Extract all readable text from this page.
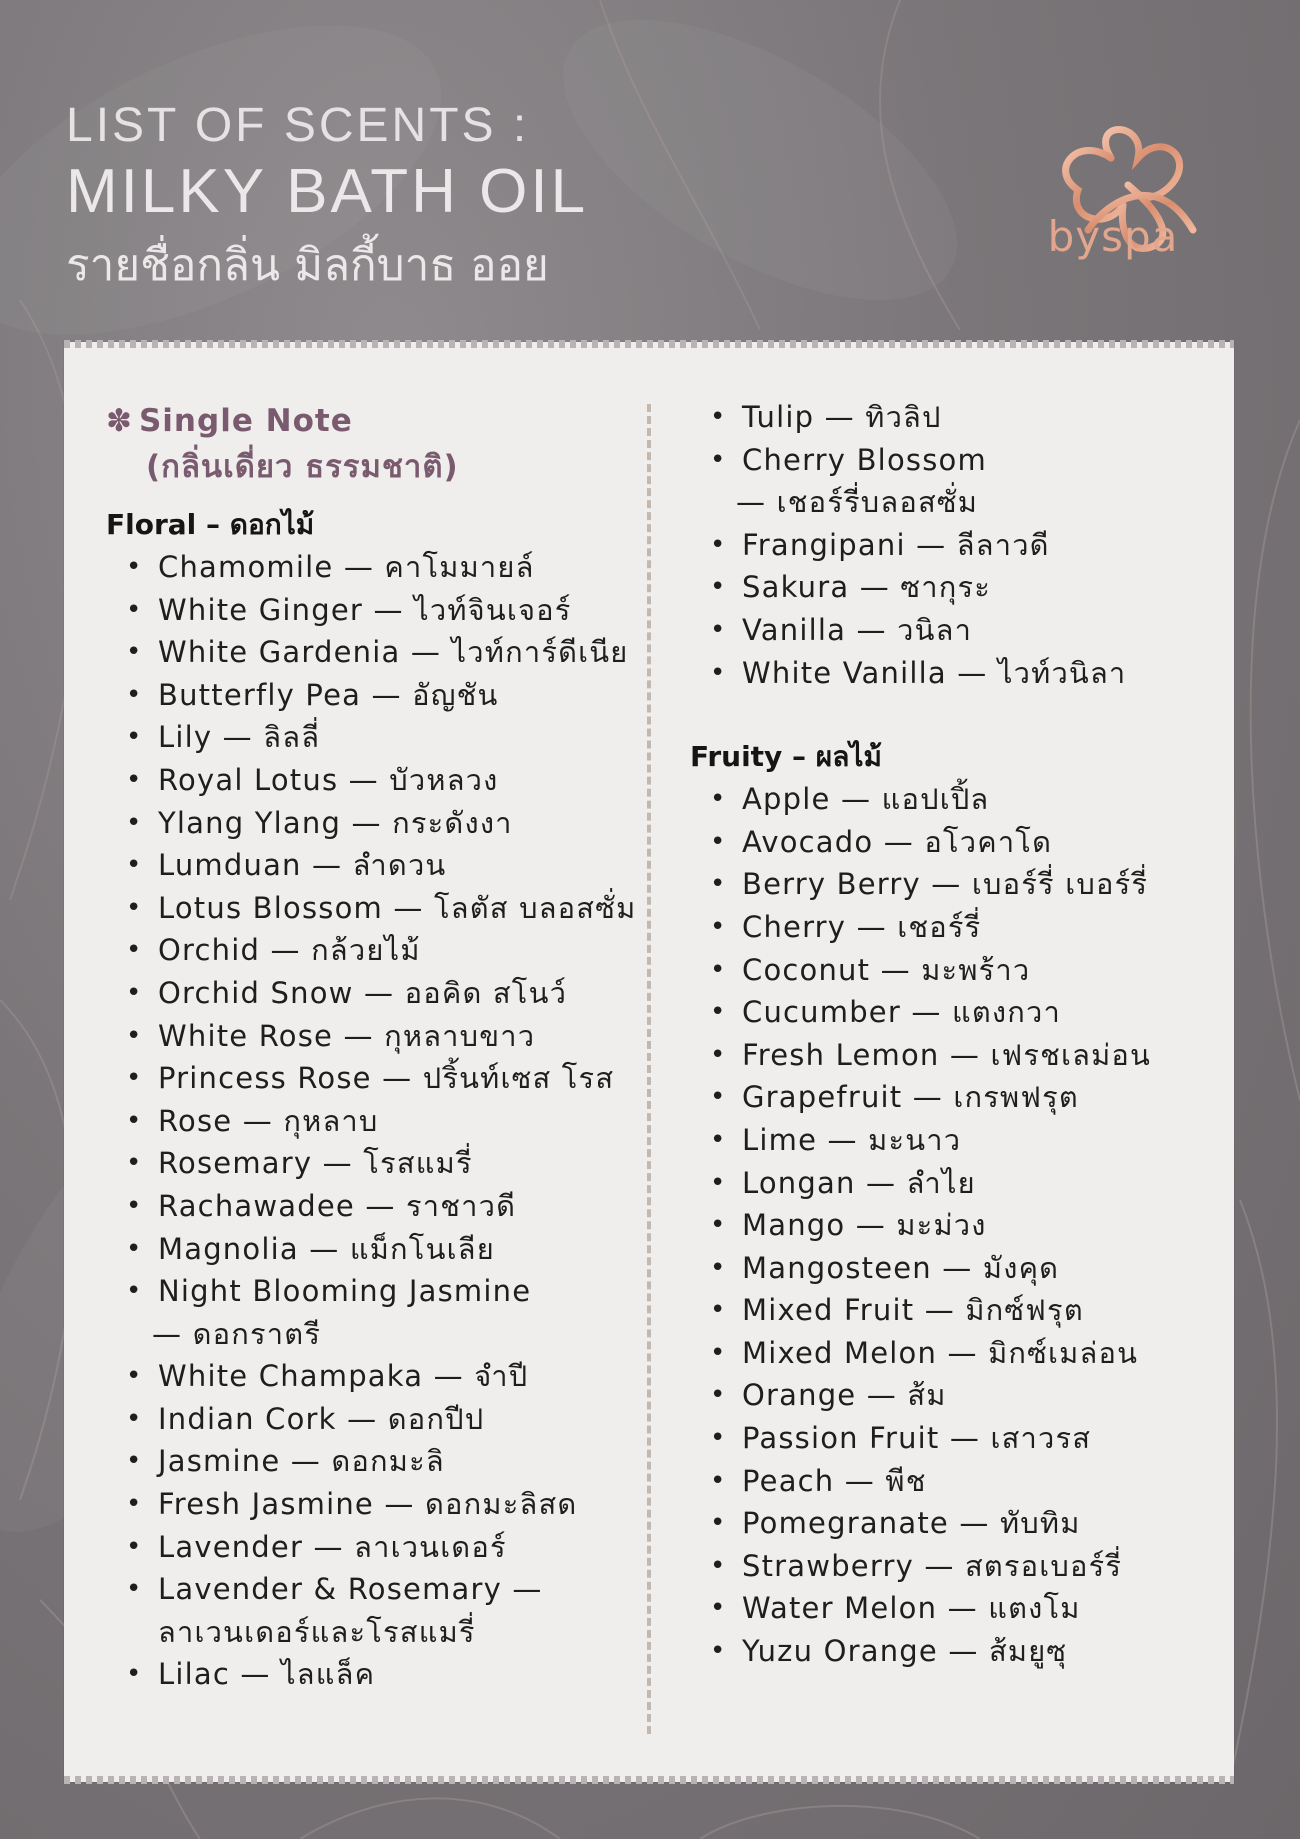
LIST OF SCENTS :
MILKY BATH OIL
รายชื่อกลิ่น มิลกี้บาธ ออย
byspa
✽ Single Note
(กลิ่นเดี่ยว ธรรมชาติ)
Floral – ดอกไม้
• Chamomile — คาโมมายล์
• White Ginger — ไวท์จินเจอร์
• White Gardenia — ไวท์การ์ดีเนีย
• Butterfly Pea — อัญชัน
• Lily — ลิลลี่
• Royal Lotus — บัวหลวง
• Ylang Ylang — กระดังงา
• Lumduan — ลำดวน
• Lotus Blossom — โลตัส บลอสซั่ม
• Orchid — กล้วยไม้
• Orchid Snow — ออคิด สโนว์
• White Rose — กุหลาบขาว
• Princess Rose — ปริ้นท์เซส โรส
• Rose — กุหลาบ
• Rosemary — โรสแมรี่
• Rachawadee — ราชาวดี
• Magnolia — แม็กโนเลีย
• Night Blooming Jasmine
— ดอกราตรี
• White Champaka — จำปี
• Indian Cork — ดอกปีป
• Jasmine — ดอกมะลิ
• Fresh Jasmine — ดอกมะลิสด
• Lavender — ลาเวนเดอร์
• Lavender & Rosemary —
ลาเวนเดอร์และโรสแมรี่
• Lilac — ไลแล็ค
• Tulip — ทิวลิป
• Cherry Blossom
— เชอร์รี่บลอสซั่ม
• Frangipani — ลีลาวดี
• Sakura — ซากุระ
• Vanilla — วนิลา
• White Vanilla — ไวท์วนิลา
Fruity – ผลไม้
• Apple — แอปเปิ้ล
• Avocado — อโวคาโด
• Berry Berry — เบอร์รี่ เบอร์รี่
• Cherry — เชอร์รี่
• Coconut — มะพร้าว
• Cucumber — แตงกวา
• Fresh Lemon — เฟรชเลม่อน
• Grapefruit — เกรพฟรุต
• Lime — มะนาว
• Longan — ลำไย
• Mango — มะม่วง
• Mangosteen — มังคุด
• Mixed Fruit — มิกซ์ฟรุต
• Mixed Melon — มิกซ์เมล่อน
• Orange — ส้ม
• Passion Fruit — เสาวรส
• Peach — พีช
• Pomegranate — ทับทิม
• Strawberry — สตรอเบอร์รี่
• Water Melon — แตงโม
• Yuzu Orange — ส้มยูซุ
